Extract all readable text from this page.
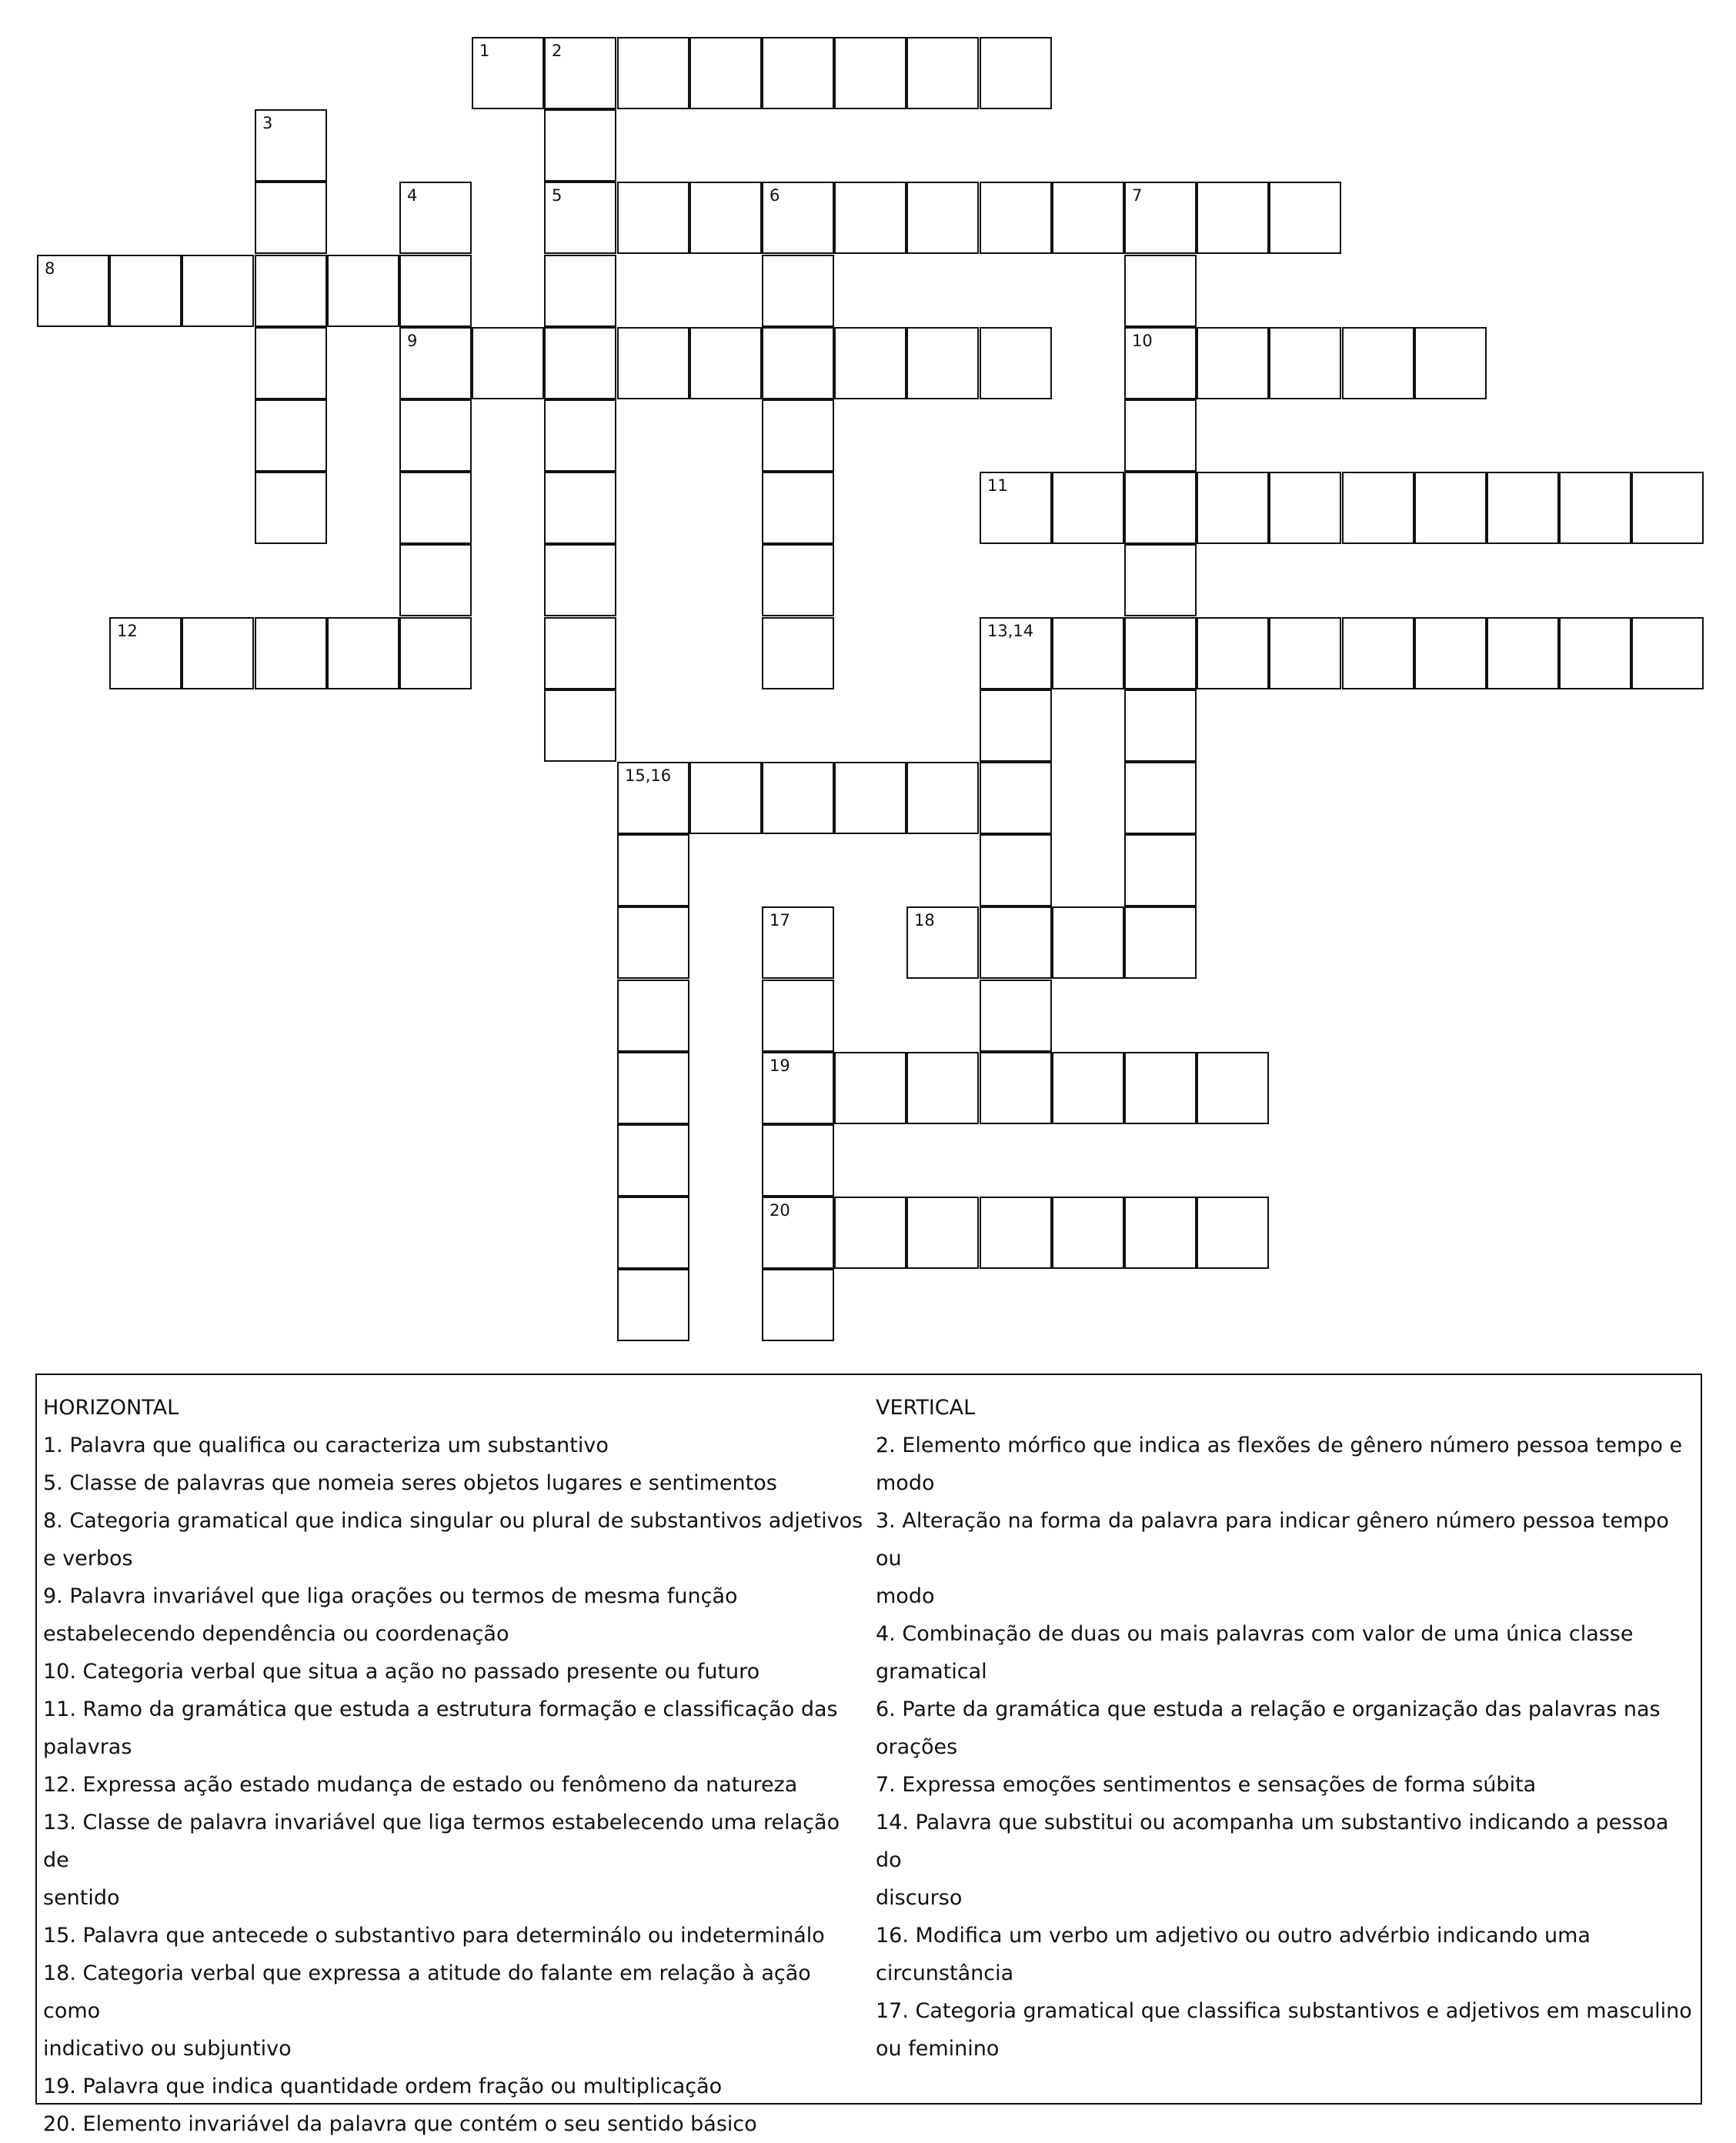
1	2
3
4	5	6	7
8
9	10
11
12	13,14
15,16
17	18
19
20
HORIZONTAL
1. Palavra que qualifica ou caracteriza um substantivo
5. Classe de palavras que nomeia seres objetos lugares e sentimentos
8. Categoria gramatical que indica singular ou plural de substantivos adjetivos
e verbos
9. Palavra invariável que liga orações ou termos de mesma função
estabelecendo dependência ou coordenação
10. Categoria verbal que situa a ação no passado presente ou futuro
11. Ramo da gramática que estuda a estrutura formação e classificação das
palavras
12. Expressa ação estado mudança de estado ou fenômeno da natureza
13. Classe de palavra invariável que liga termos estabelecendo uma relação de
sentido
15. Palavra que antecede o substantivo para determinálo ou indeterminálo
18. Categoria verbal que expressa a atitude do falante em relação à ação como
indicativo ou subjuntivo
19. Palavra que indica quantidade ordem fração ou multiplicação
20. Elemento invariável da palavra que contém o seu sentido básico
VERTICAL
2. Elemento mórfico que indica as flexões de gênero número pessoa tempo e
modo
3. Alteração na forma da palavra para indicar gênero número pessoa tempo ou
modo
4. Combinação de duas ou mais palavras com valor de uma única classe
gramatical
6. Parte da gramática que estuda a relação e organização das palavras nas
orações
7. Expressa emoções sentimentos e sensações de forma súbita
14. Palavra que substitui ou acompanha um substantivo indicando a pessoa do
discurso
16. Modifica um verbo um adjetivo ou outro advérbio indicando uma
circunstância
17. Categoria gramatical que classifica substantivos e adjetivos em masculino
ou feminino
